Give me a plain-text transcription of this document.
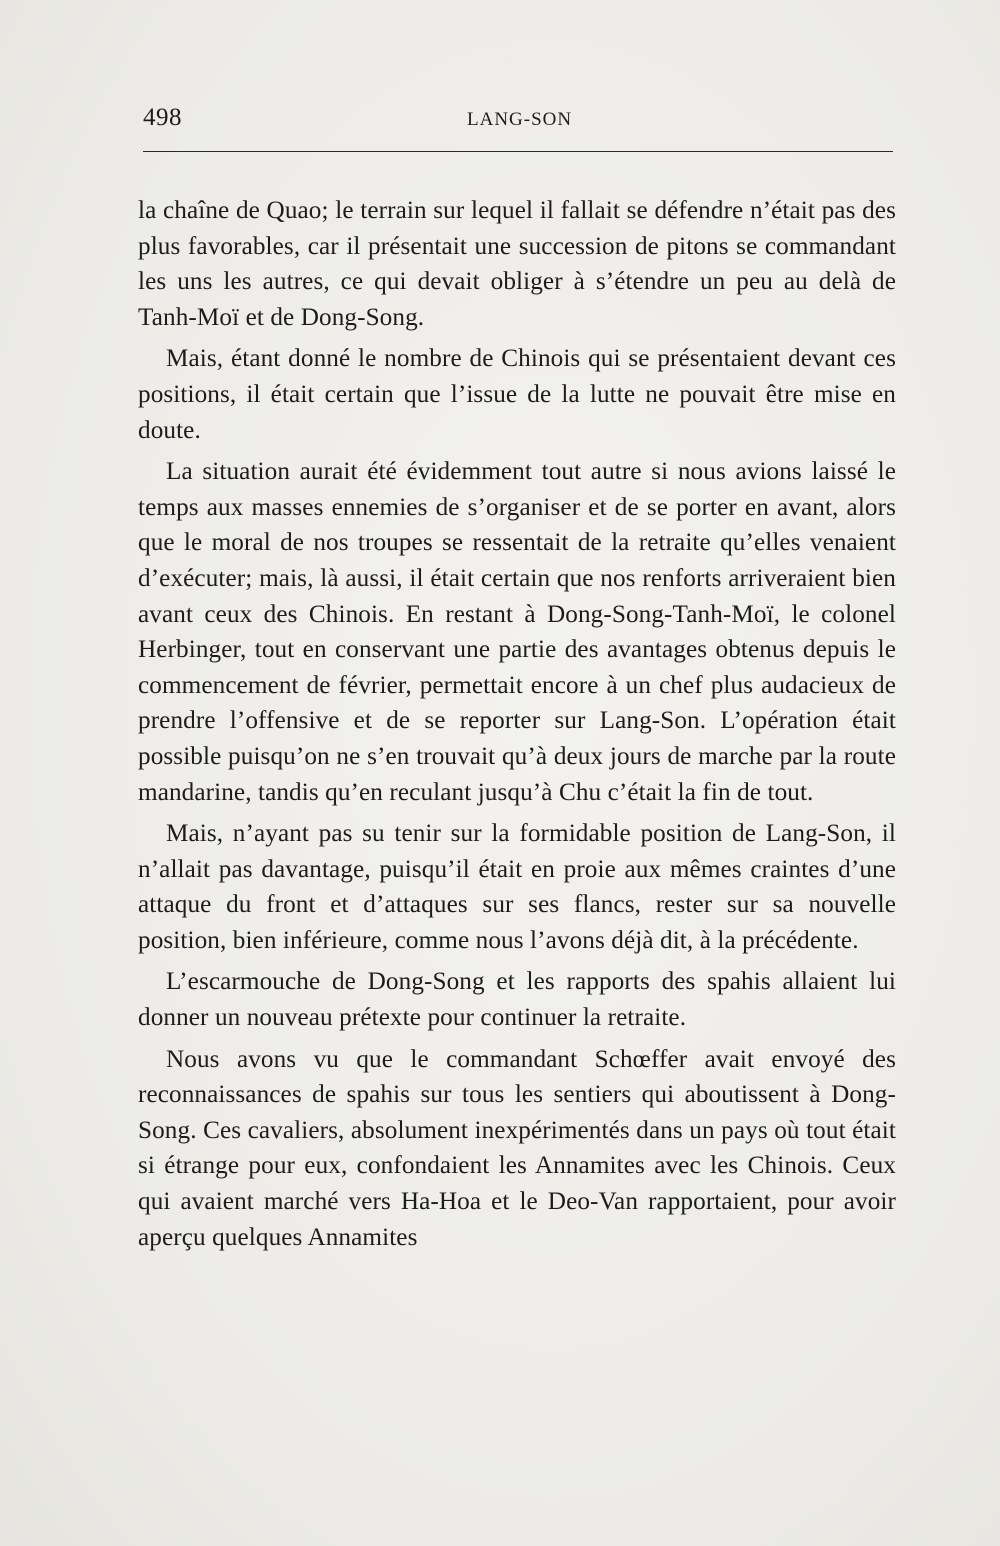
498	LANG-SON

la chaîne de Quao; le terrain sur lequel il fallait se défendre n’était pas des plus favorables, car il présentait une succession de pitons se commandant les uns les autres, ce qui devait obliger à s’étendre un peu au delà de Tanh-Moï et de Dong-Song.

Mais, étant donné le nombre de Chinois qui se présentaient devant ces positions, il était certain que l’issue de la lutte ne pouvait être mise en doute.

La situation aurait été évidemment tout autre si nous avions laissé le temps aux masses ennemies de s’organiser et de se porter en avant, alors que le moral de nos troupes se ressentait de la retraite qu’elles venaient d’exécuter; mais, là aussi, il était certain que nos renforts arriveraient bien avant ceux des Chinois. En restant à Dong-Song-Tanh-Moï, le colonel Herbinger, tout en conservant une partie des avantages obtenus depuis le commencement de février, permettait encore à un chef plus audacieux de prendre l’offensive et de se reporter sur Lang-Son. L’opération était possible puisqu’on ne s’en trouvait qu’à deux jours de marche par la route mandarine, tandis qu’en reculant jusqu’à Chu c’était la fin de tout.

Mais, n’ayant pas su tenir sur la formidable position de Lang-Son, il n’allait pas davantage, puisqu’il était en proie aux mêmes craintes d’une attaque du front et d’attaques sur ses flancs, rester sur sa nouvelle position, bien inférieure, comme nous l’avons déjà dit, à la précédente.

L’escarmouche de Dong-Song et les rapports des spahis allaient lui donner un nouveau prétexte pour continuer la retraite.

Nous avons vu que le commandant Schœffer avait envoyé des reconnaissances de spahis sur tous les sentiers qui aboutissent à Dong-Song. Ces cavaliers, absolument inexpérimentés dans un pays où tout était si étrange pour eux, confondaient les Annamites avec les Chinois. Ceux qui avaient marché vers Ha-Hoa et le Deo-Van rapportaient, pour avoir aperçu quelques Annamites
